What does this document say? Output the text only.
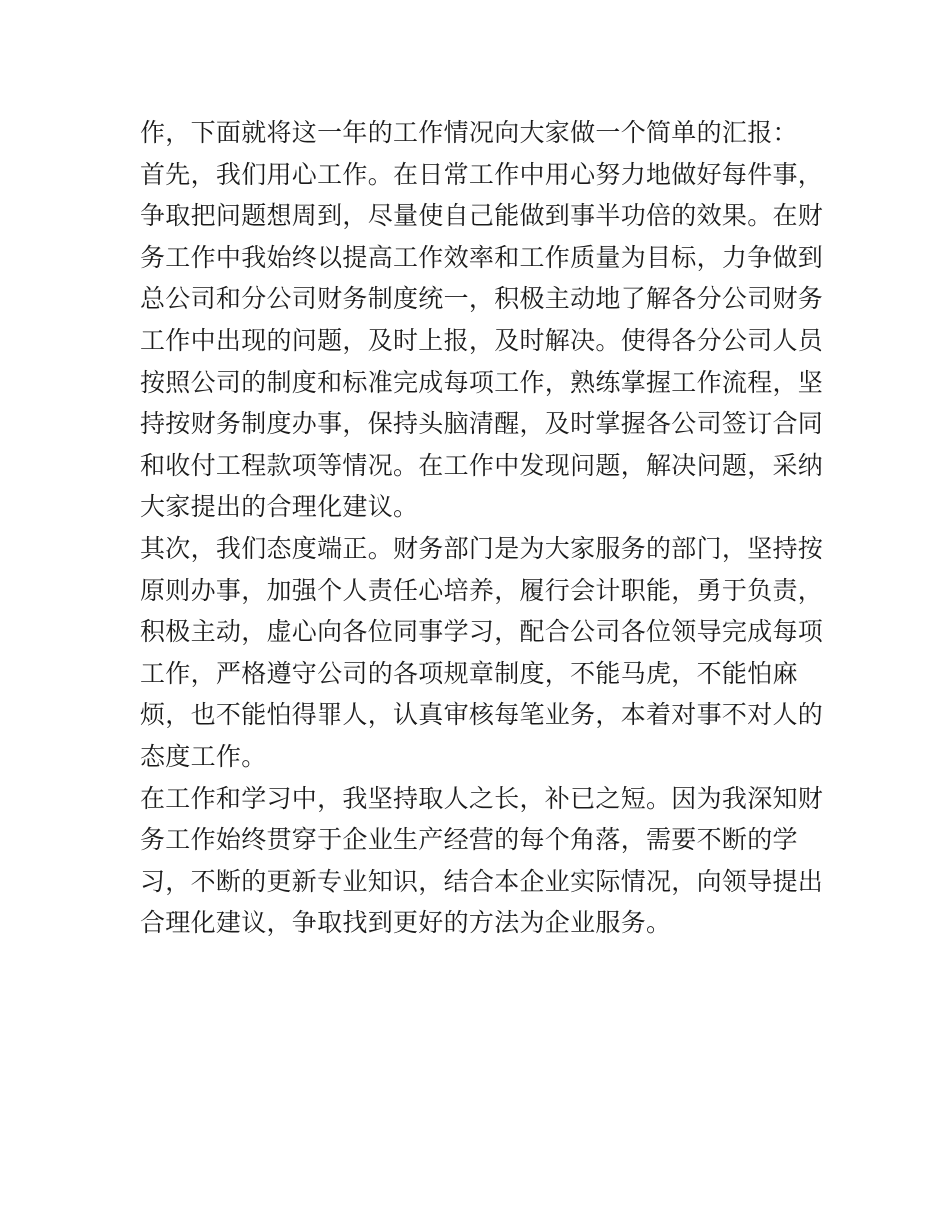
作，下面就将这一年的工作情况向大家做一个简单的汇报：
首先，我们用心工作。在日常工作中用心努力地做好每件事，
争取把问题想周到，尽量使自己能做到事半功倍的效果。在财
务工作中我始终以提高工作效率和工作质量为目标，力争做到
总公司和分公司财务制度统一，积极主动地了解各分公司财务
工作中出现的问题，及时上报，及时解决。使得各分公司人员
按照公司的制度和标准完成每项工作，熟练掌握工作流程，坚
持按财务制度办事，保持头脑清醒，及时掌握各公司签订合同
和收付工程款项等情况。在工作中发现问题，解决问题，采纳
大家提出的合理化建议。
其次，我们态度端正。财务部门是为大家服务的部门，坚持按
原则办事，加强个人责任心培养，履行会计职能，勇于负责，
积极主动，虚心向各位同事学习，配合公司各位领导完成每项
工作，严格遵守公司的各项规章制度，不能马虎，不能怕麻
烦，也不能怕得罪人，认真审核每笔业务，本着对事不对人的
态度工作。
在工作和学习中，我坚持取人之长，补已之短。因为我深知财
务工作始终贯穿于企业生产经营的每个角落，需要不断的学
习，不断的更新专业知识，结合本企业实际情况，向领导提出
合理化建议，争取找到更好的方法为企业服务。
